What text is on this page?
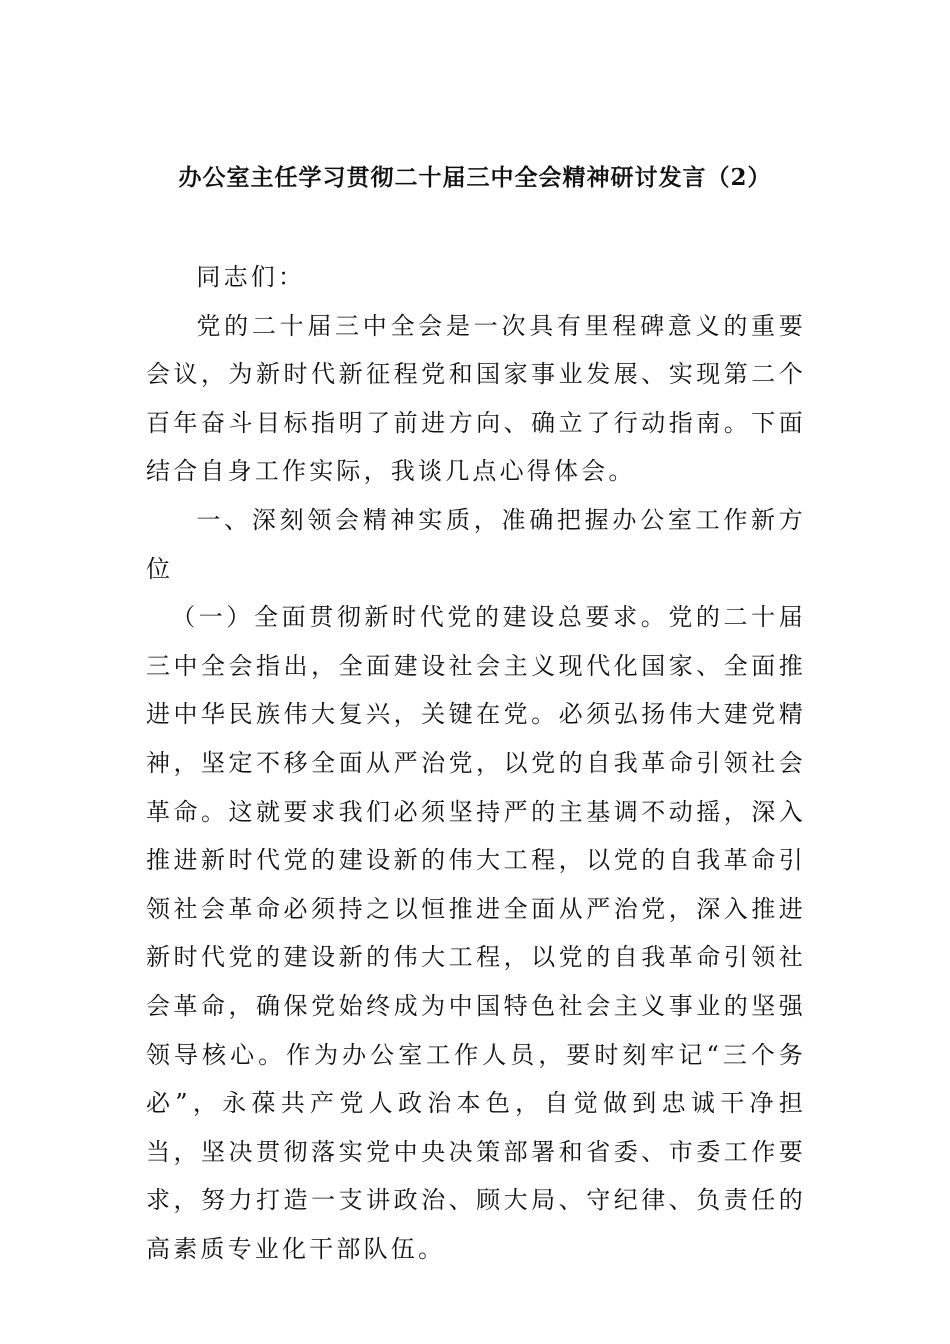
办公室主任学习贯彻二十届三中全会精神研讨发言（2）

同志们：

党的二十届三中全会是一次具有里程碑意义的重要会议，为新时代新征程党和国家事业发展、实现第二个百年奋斗目标指明了前进方向、确立了行动指南。下面结合自身工作实际，我谈几点心得体会。

一、深刻领会精神实质，准确把握办公室工作新方位

（一）全面贯彻新时代党的建设总要求。党的二十届三中全会指出，全面建设社会主义现代化国家、全面推进中华民族伟大复兴，关键在党。必须弘扬伟大建党精神，坚定不移全面从严治党，以党的自我革命引领社会革命。这就要求我们必须坚持严的主基调不动摇，深入推进新时代党的建设新的伟大工程，以党的自我革命引领社会革命必须持之以恒推进全面从严治党，深入推进新时代党的建设新的伟大工程，以党的自我革命引领社会革命，确保党始终成为中国特色社会主义事业的坚强领导核心。作为办公室工作人员，要时刻牢记“三个务必”，永葆共产党人政治本色，自觉做到忠诚干净担当，坚决贯彻落实党中央决策部署和省委、市委工作要求，努力打造一支讲政治、顾大局、守纪律、负责任的高素质专业化干部队伍。
